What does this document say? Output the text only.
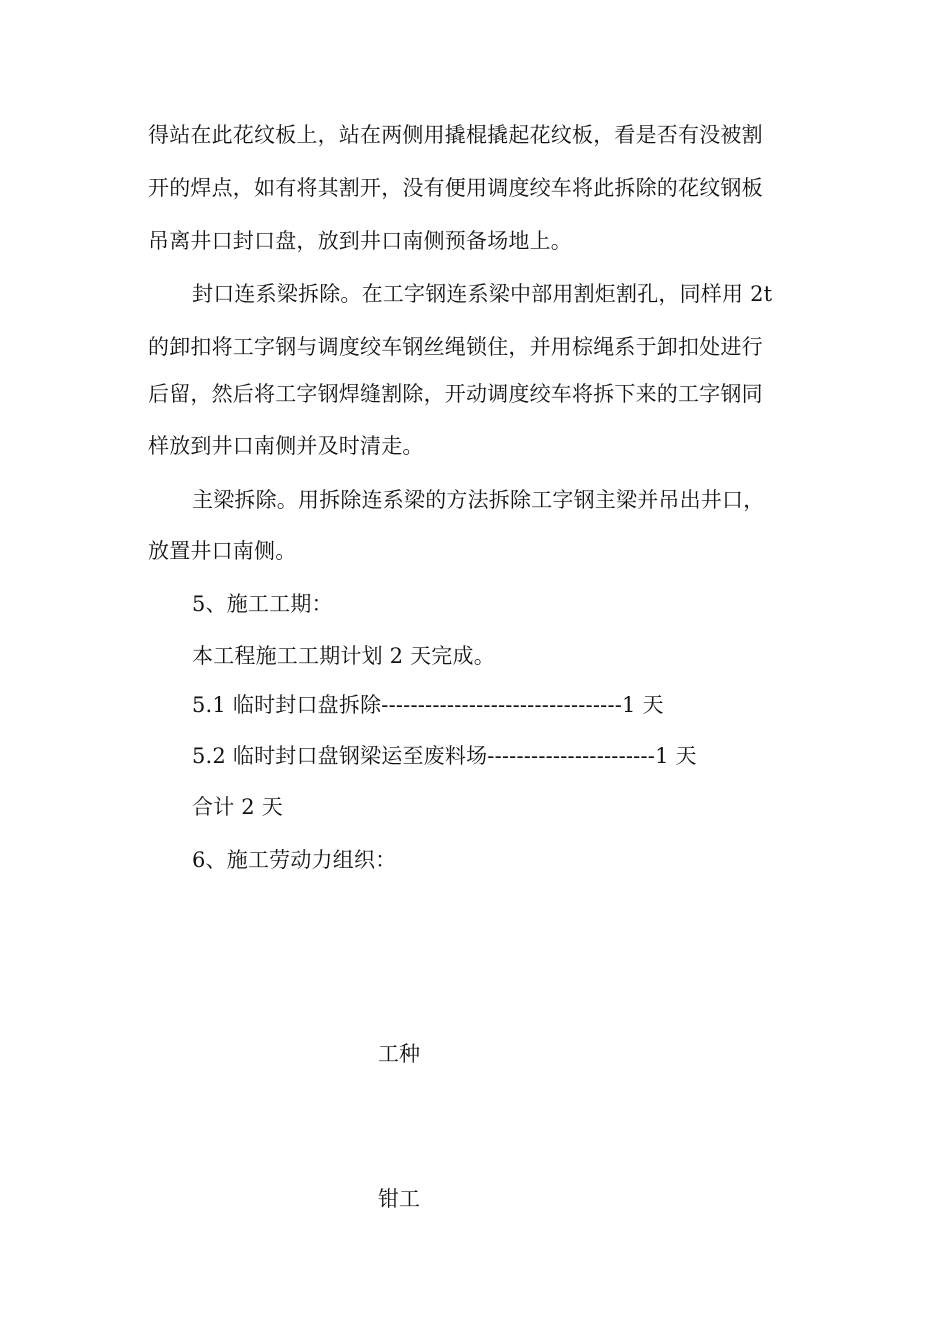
得站在此花纹板上，站在两侧用撬棍撬起花纹板，看是否有没被割
开的焊点，如有将其割开，没有便用调度绞车将此拆除的花纹钢板
吊离井口封口盘，放到井口南侧预备场地上。
封口连系梁拆除。在工字钢连系梁中部用割炬割孔，同样用 2t
的卸扣将工字钢与调度绞车钢丝绳锁住，并用棕绳系于卸扣处进行
后留，然后将工字钢焊缝割除，开动调度绞车将拆下来的工字钢同
样放到井口南侧并及时清走。
主梁拆除。用拆除连系梁的方法拆除工字钢主梁并吊出井口，
放置井口南侧。
5、施工工期：
本工程施工工期计划 2 天完成。
5.1 临时封口盘拆除---------------------------------1 天
5.2 临时封口盘钢梁运至废料场-----------------------1 天
合计 2 天
6、施工劳动力组织：
工种
钳工
